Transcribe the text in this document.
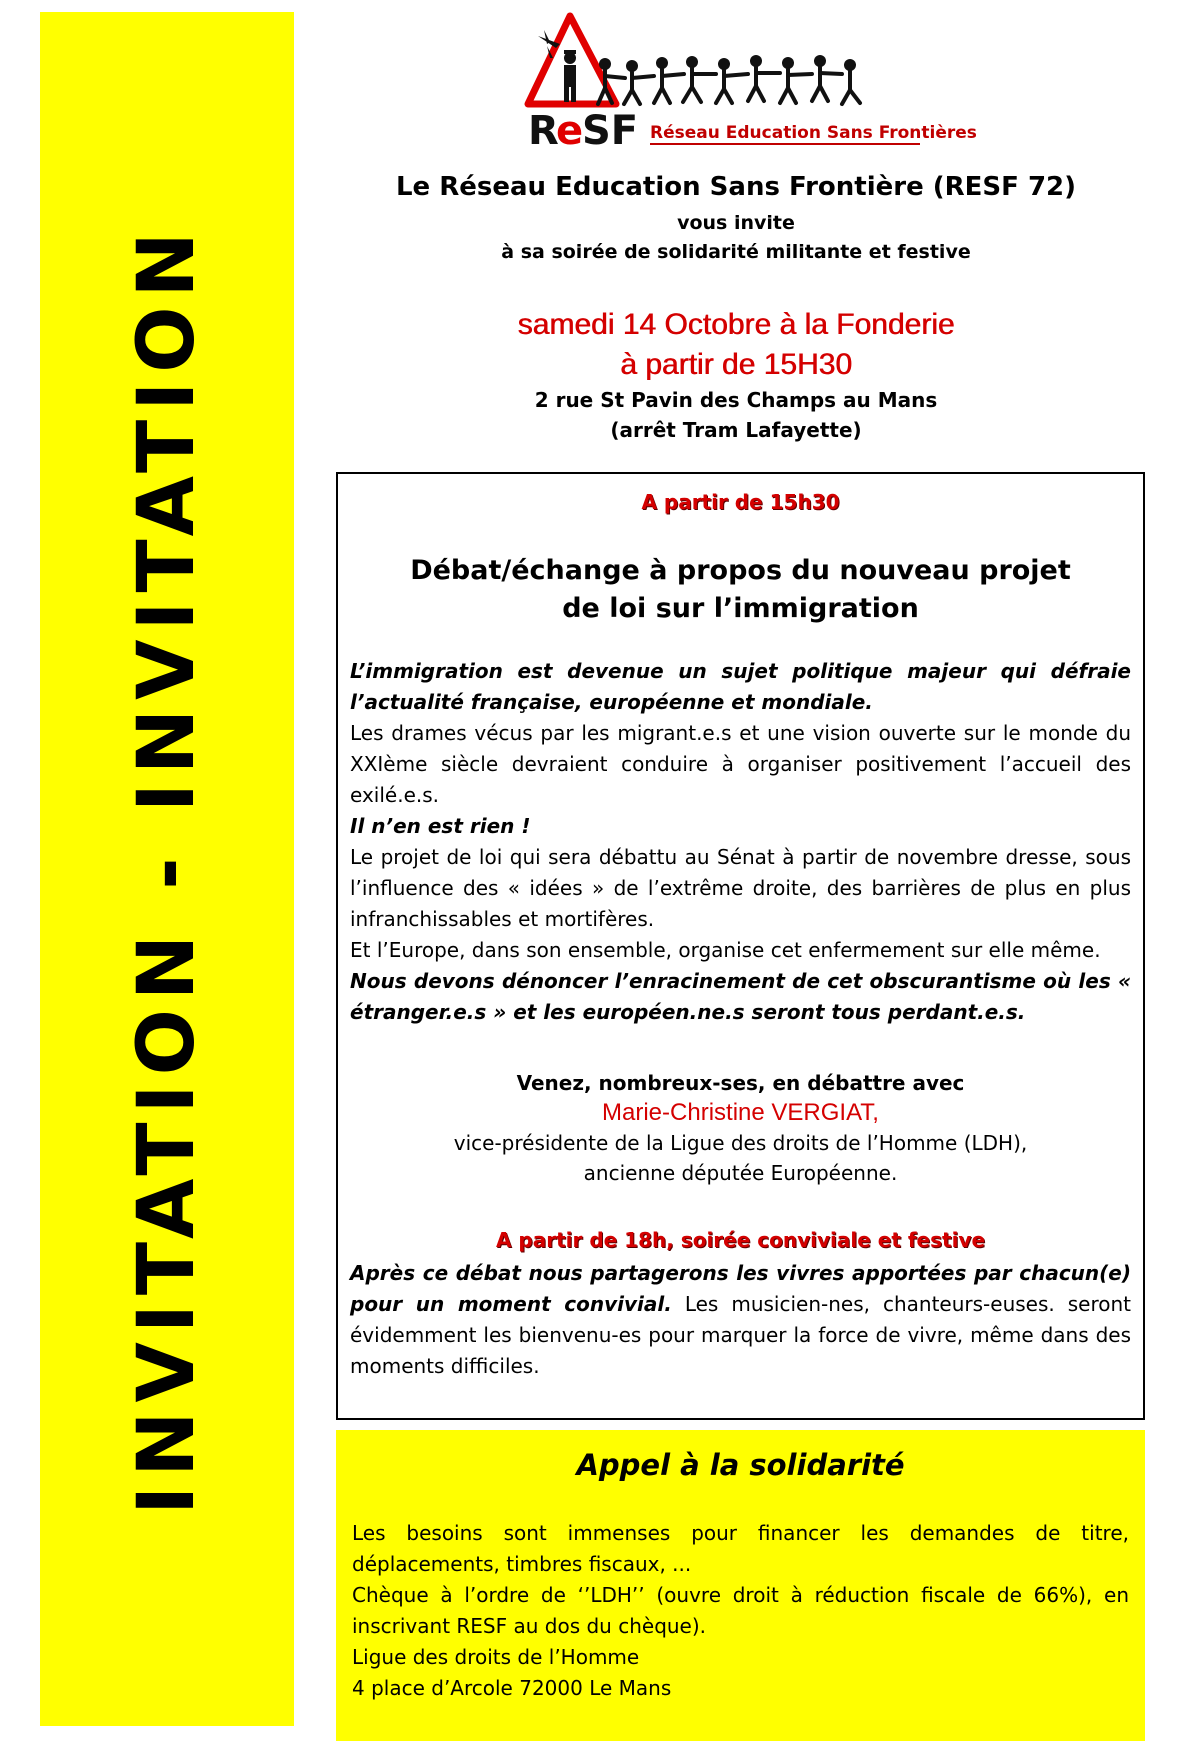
INVITATION - INVITATION
R
e
SF Réseau Education Sans Frontières
Le Réseau Education Sans Frontière (RESF 72)
vous invite
à sa soirée de solidarité militante et festive
samedi 14 Octobre à la Fonderie
à partir de 15H30
2 rue St Pavin des Champs au Mans
(arrêt Tram Lafayette)
A partir de 15h30
Débat/échange à propos du nouveau projet
de loi sur l’immigration
L’immigration est devenue un sujet politique majeur qui défraie l’actualité française, européenne et mondiale.
Les drames vécus par les migrant.e.s et une vision ouverte sur le monde du XXIème siècle devraient conduire à organiser positivement l’accueil des exilé.e.s.
Il n’en est rien !
Le projet de loi qui sera débattu au Sénat à partir de novembre dresse, sous l’influence des « idées » de l’extrême droite, des barrières de plus en plus infranchissables et mortifères.
Et l’Europe, dans son ensemble, organise cet enfermement sur elle même.
Nous devons dénoncer l’enracinement de cet obscurantisme où les « étranger.e.s » et les européen.ne.s seront tous perdant.e.s.
Venez, nombreux-ses, en débattre avec
Marie-Christine VERGIAT,
vice-présidente de la Ligue des droits de l’Homme (LDH),
ancienne députée Européenne.
A partir de 18h, soirée conviviale et festive
Après ce débat nous partagerons les vivres apportées par chacun(e) pour un moment convivial. Les musicien-nes, chanteurs-euses. seront évidemment les bienvenu-es pour marquer la force de vivre, même dans des moments difficiles.
Appel à la solidarité
Les besoins sont immenses pour financer les demandes de titre, déplacements, timbres fiscaux, ...
Chèque à l’ordre de ‘’LDH’’ (ouvre droit à réduction fiscale de 66%), en inscrivant RESF au dos du chèque).
Ligue des droits de l’Homme
4 place d’Arcole 72000 Le Mans
